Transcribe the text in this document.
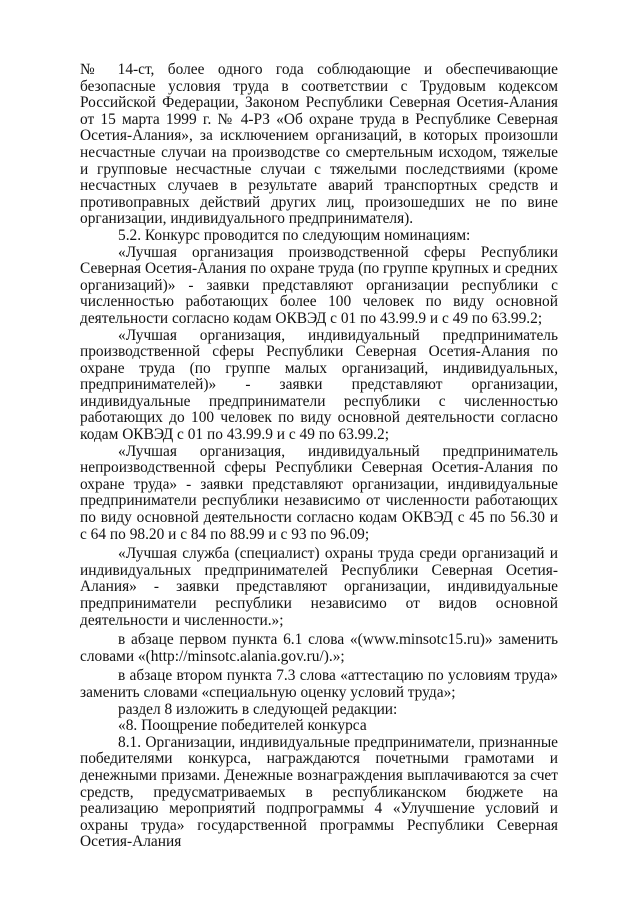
№ 14-ст, более одного года соблюдающие и обеспечивающие безопасные условия труда в соответствии с Трудовым кодексом Российской Федерации, Законом Республики Северная Осетия-Алания от 15 марта 1999 г. № 4-РЗ «Об охране труда в Республике Северная Осетия-Алания», за исключением организаций, в которых произошли несчастные случаи на производстве со смертельным исходом, тяжелые и групповые несчастные случаи с тяжелыми последствиями (кроме несчастных случаев в результате аварий транспортных средств и противоправных действий других лиц, произошедших не по вине организации, индивидуального предпринимателя).

5.2. Конкурс проводится по следующим номинациям:

«Лучшая организация производственной сферы Республики Северная Осетия-Алания по охране труда (по группе крупных и средних организаций)» - заявки представляют организации республики с численностью работающих более 100 человек по виду основной деятельности согласно кодам ОКВЭД с 01 по 43.99.9 и с 49 по 63.99.2;

«Лучшая организация, индивидуальный предприниматель производственной сферы Республики Северная Осетия-Алания по охране труда (по группе малых организаций, индивидуальных, предпринимателей)» - заявки представляют организации, индивидуальные предприниматели республики с численностью работающих до 100 человек по виду основной деятельности согласно кодам ОКВЭД с 01 по 43.99.9 и с 49 по 63.99.2;

«Лучшая организация, индивидуальный предприниматель непроизводственной сферы Республики Северная Осетия-Алания по охране труда» - заявки представляют организации, индивидуальные предприниматели республики независимо от численности работающих по виду основной деятельности согласно кодам ОКВЭД с 45 по 56.30 и с 64 по 98.20 и с 84 по 88.99 и с 93 по 96.09;

«Лучшая служба (специалист) охраны труда среди организаций и индивидуальных предпринимателей Республики Северная Осетия-Алания» - заявки представляют организации, индивидуальные предприниматели республики независимо от видов основной деятельности и численности.»;

в абзаце первом пункта 6.1 слова «(www.minsotc15.ru)» заменить словами «(http://minsotc.alania.gov.ru/).»;

в абзаце втором пункта 7.3 слова «аттестацию по условиям труда» заменить словами «специальную оценку условий труда»;

раздел 8 изложить в следующей редакции:

«8. Поощрение победителей конкурса

8.1. Организации, индивидуальные предприниматели, признанные победителями конкурса, награждаются почетными грамотами и денежными призами. Денежные вознаграждения выплачиваются за счет средств, предусматриваемых в республиканском бюджете на реализацию мероприятий подпрограммы 4 «Улучшение условий и охраны труда» государственной программы Республики Северная Осетия-Алания
